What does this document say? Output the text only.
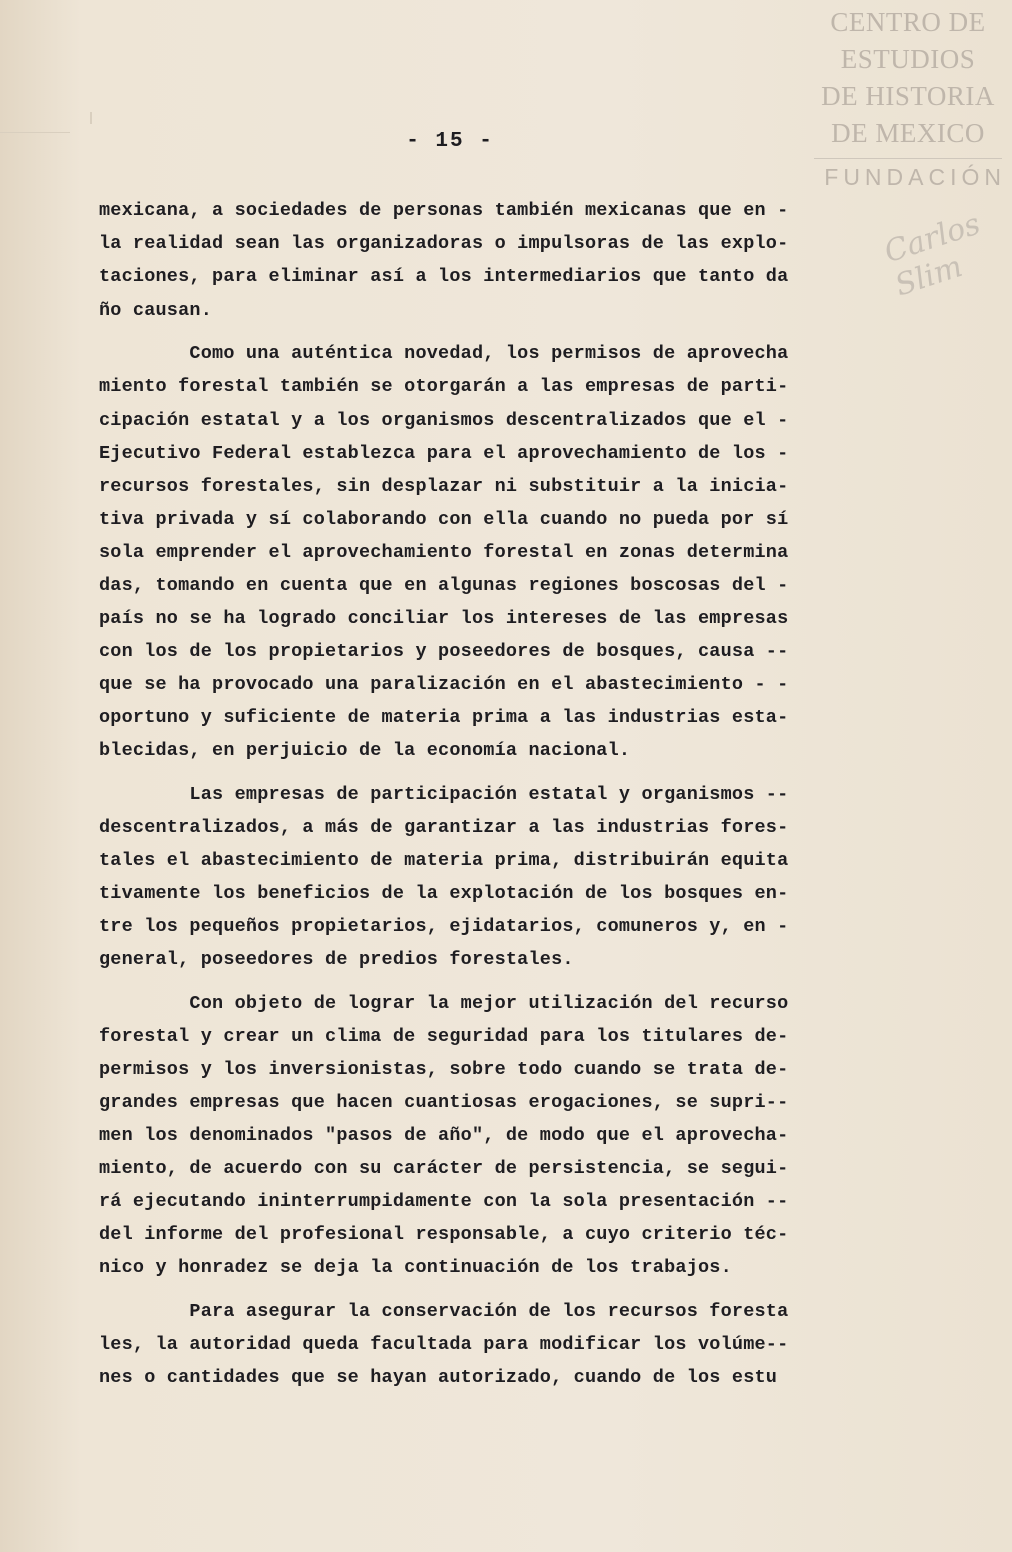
CENTRO DE
ESTUDIOS
DE HISTORIA
DE MEXICO
FUNDACIÓN
Carlos Slim
- 15 -
mexicana, a sociedades de personas también mexicanas que en -
la realidad sean las organizadoras o impulsoras de las explo-
taciones, para eliminar así a los intermediarios que tanto da
ño causan.
Como una auténtica novedad, los permisos de aprovecha
miento forestal también se otorgarán a las empresas de parti-
cipación estatal y a los organismos descentralizados que el -
Ejecutivo Federal establezca para el aprovechamiento de los -
recursos forestales, sin desplazar ni substituir a la inicia-
tiva privada y sí colaborando con ella cuando no pueda por sí
sola emprender el aprovechamiento forestal en zonas determina
das, tomando en cuenta que en algunas regiones boscosas del -
país no se ha logrado conciliar los intereses de las empresas
con los de los propietarios y poseedores de bosques, causa --
que se ha provocado una paralización en el abastecimiento - -
oportuno y suficiente de materia prima a las industrias esta-
blecidas, en perjuicio de la economía nacional.
Las empresas de participación estatal y organismos --
descentralizados, a más de garantizar a las industrias fores-
tales el abastecimiento de materia prima, distribuirán equita
tivamente los beneficios de la explotación de los bosques en-
tre los pequeños propietarios, ejidatarios, comuneros y, en -
general, poseedores de predios forestales.
Con objeto de lograr la mejor utilización del recurso
forestal y crear un clima de seguridad para los titulares de-
permisos y los inversionistas, sobre todo cuando se trata de-
grandes empresas que hacen cuantiosas erogaciones, se supri--
men los denominados "pasos de año", de modo que el aprovecha-
miento, de acuerdo con su carácter de persistencia, se segui-
rá ejecutando ininterrumpidamente con la sola presentación --
del informe del profesional responsable, a cuyo criterio téc-
nico y honradez se deja la continuación de los trabajos.
Para asegurar la conservación de los recursos foresta
les, la autoridad queda facultada para modificar los volúme--
nes o cantidades que se hayan autorizado, cuando de los estu
